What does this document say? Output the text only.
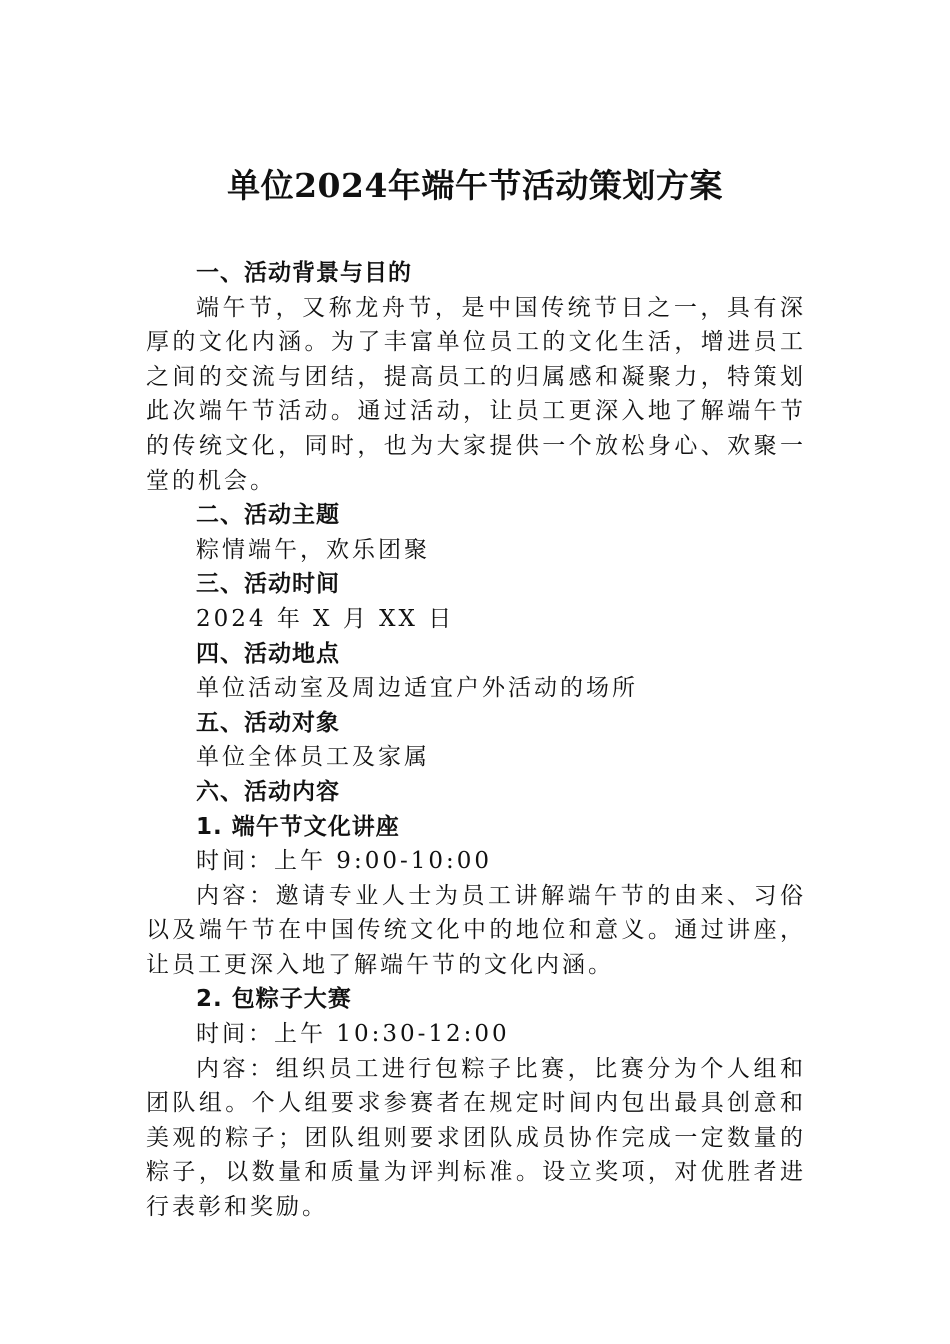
单位2024年端午节活动策划方案

一、活动背景与目的

端午节，又称龙舟节，是中国传统节日之一，具有深厚的文化内涵。为了丰富单位员工的文化生活，增进员工之间的交流与团结，提高员工的归属感和凝聚力，特策划此次端午节活动。通过活动，让员工更深入地了解端午节的传统文化，同时，也为大家提供一个放松身心、欢聚一堂的机会。

二、活动主题

粽情端午，欢乐团聚

三、活动时间

2024 年 X 月 XX 日

四、活动地点

单位活动室及周边适宜户外活动的场所

五、活动对象

单位全体员工及家属

六、活动内容

1. 端午节文化讲座

时间：上午 9:00-10:00

内容：邀请专业人士为员工讲解端午节的由来、习俗以及端午节在中国传统文化中的地位和意义。通过讲座，让员工更深入地了解端午节的文化内涵。

2. 包粽子大赛

时间：上午 10:30-12:00

内容：组织员工进行包粽子比赛，比赛分为个人组和团队组。个人组要求参赛者在规定时间内包出最具创意和美观的粽子；团队组则要求团队成员协作完成一定数量的粽子，以数量和质量为评判标准。设立奖项，对优胜者进行表彰和奖励。
